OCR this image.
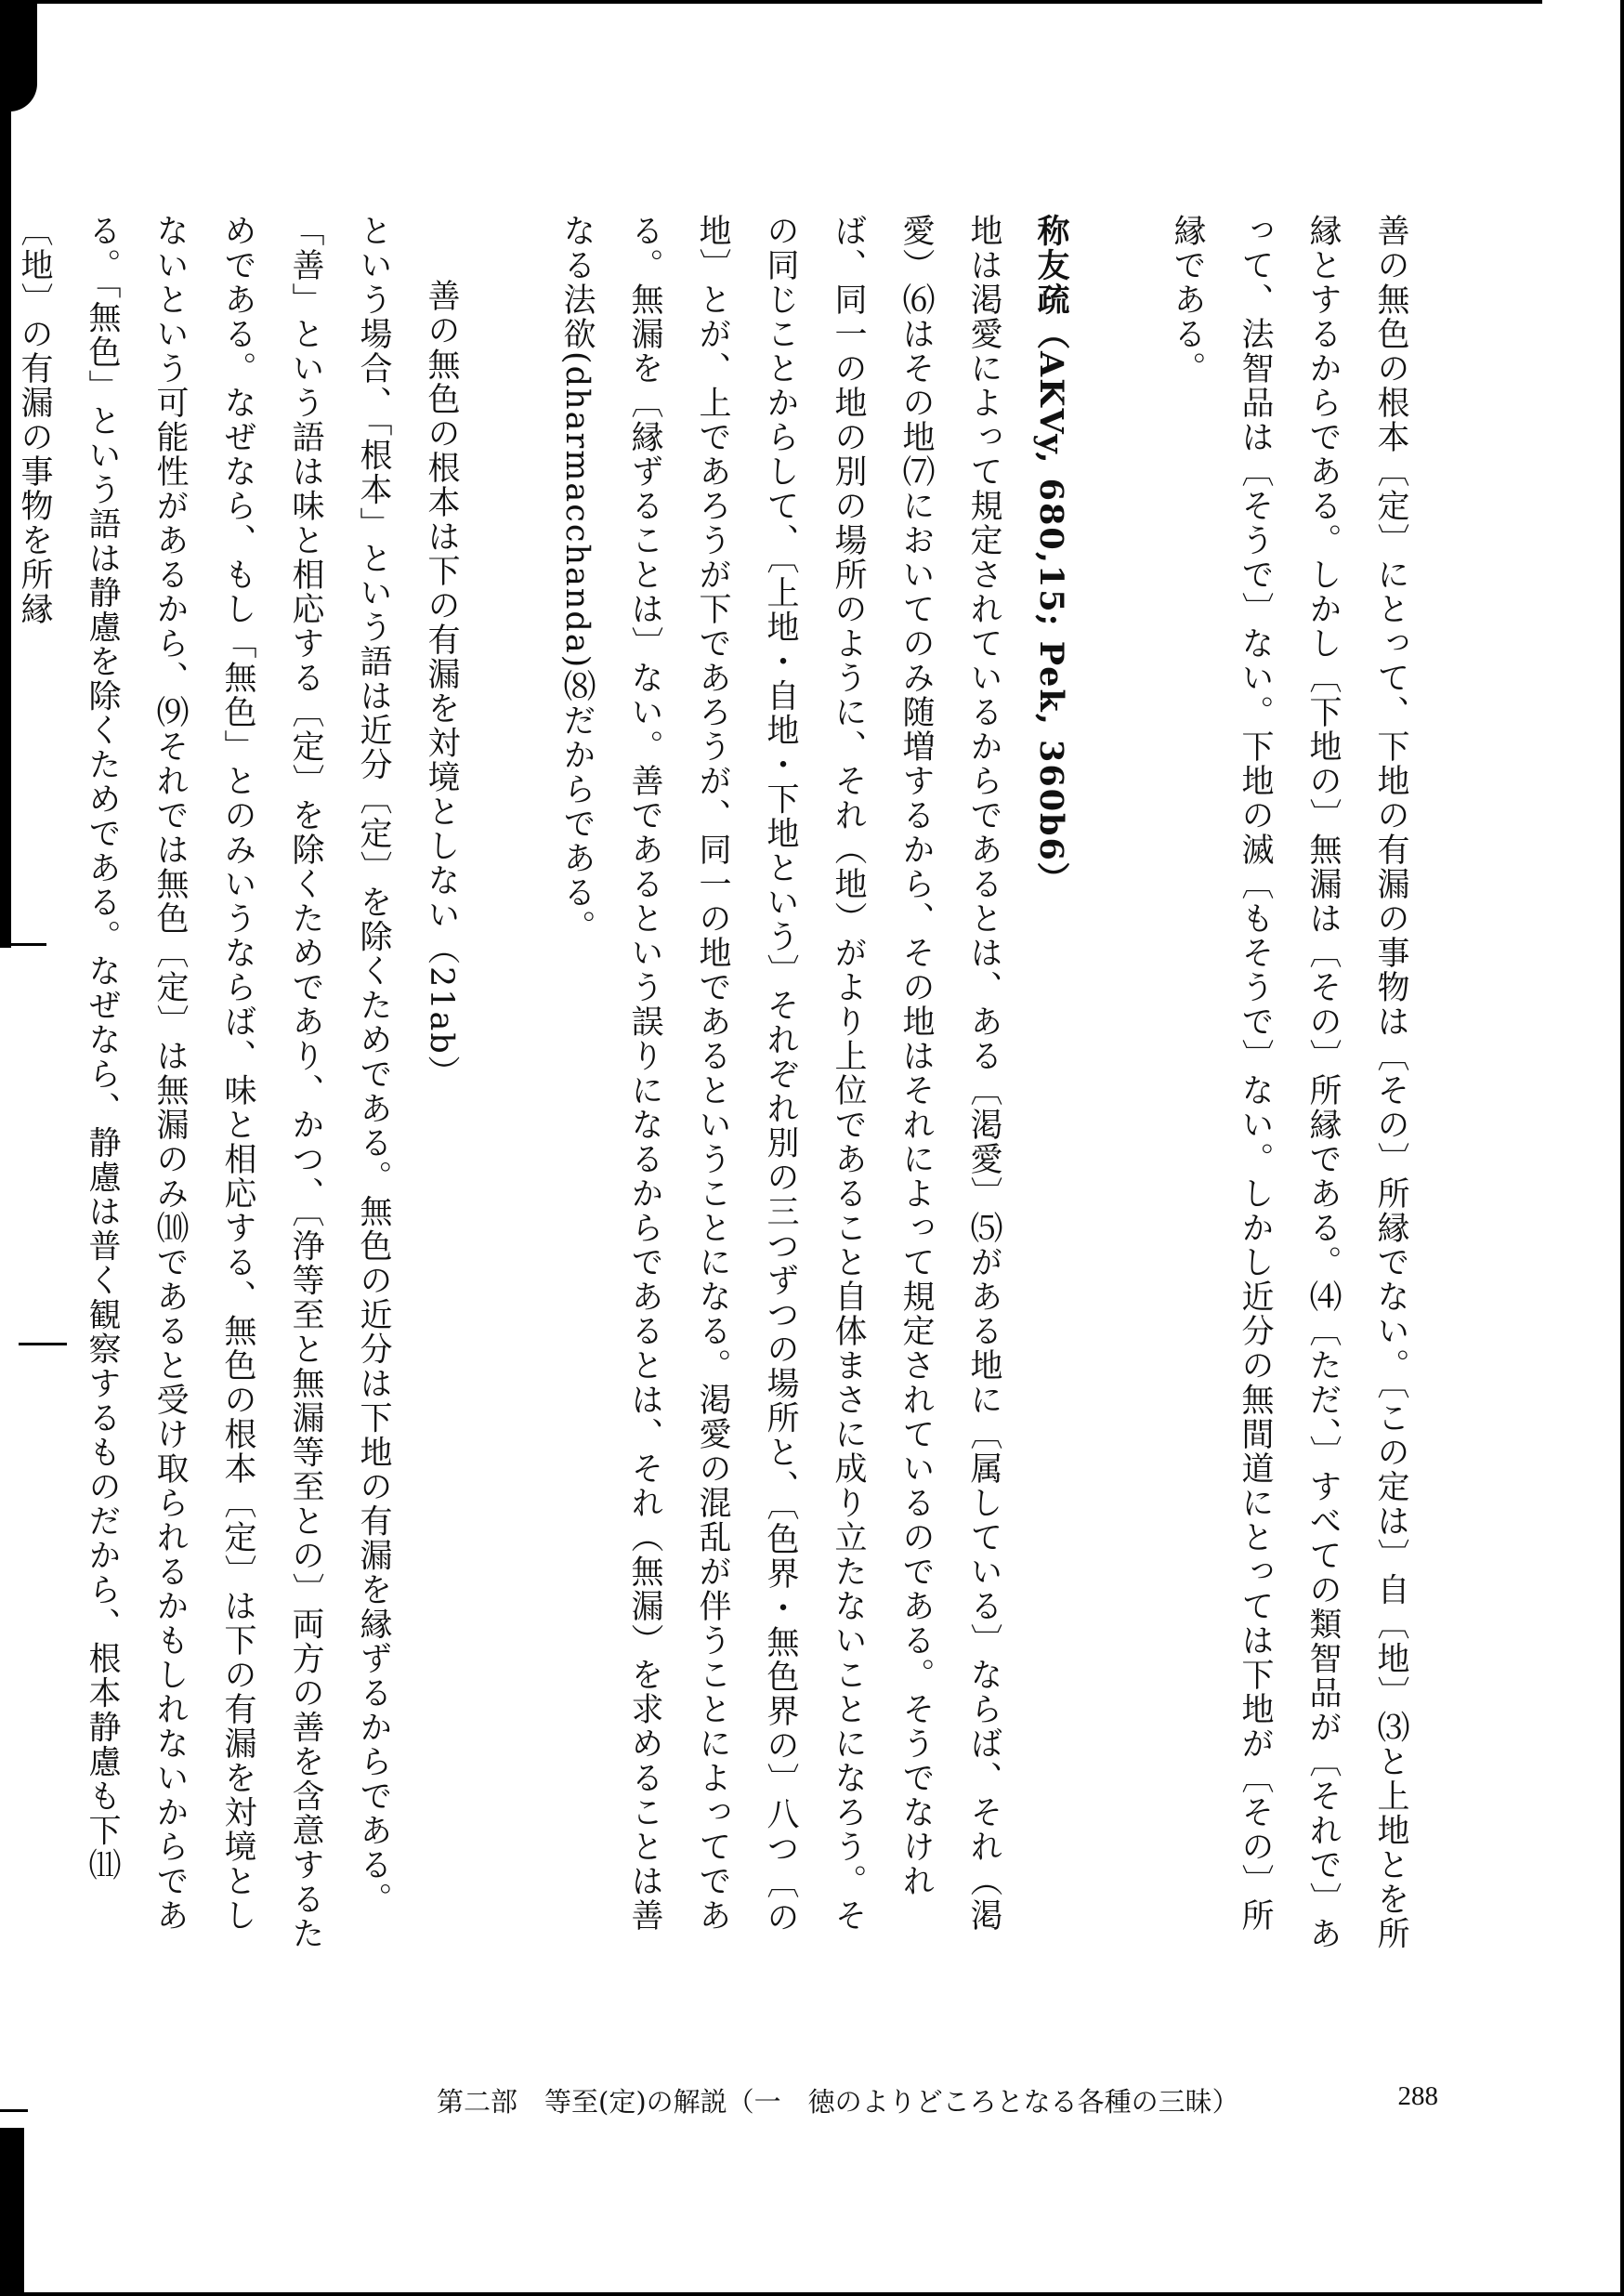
善の無色の根本〔定〕にとって、下地の有漏の事物は〔その〕所縁でない。〔この定は〕自〔地〕⑶と上地とを所縁とするからである。しかし〔下地の〕無漏は〔その〕所縁である。⑷〔ただ、〕すべての類智品が〔それで〕あって、法智品は〔そうで〕ない。下地の滅〔もそうで〕ない。しかし近分の無間道にとっては下地が〔その〕所縁である。

称友疏（AKVy, 680,15; Pek, 360b6）

地は渇愛によって規定されているからであるとは、ある〔渇愛〕⑸がある地に〔属している〕ならば、それ（渇愛）⑹はその地⑺においてのみ随増するから、その地はそれによって規定されているのである。そうでなければ、同一の地の別の場所のように、それ（地）がより上位であること自体まさに成り立たないことになろう。その同じことからして、〔上地・自地・下地という〕それぞれ別の三つずつの場所と、〔色界・無色界の〕八つ〔の地〕とが、上であろうが下であろうが、同一の地であるということになる。渇愛の混乱が伴うことによってである。無漏を〔縁ずることは〕ない。善であるという誤りになるからであるとは、それ（無漏）を求めることは善なる法欲(dharmacchanda)⑻だからである。

善の無色の根本は下の有漏を対境としない（21ab）

という場合、「根本」という語は近分〔定〕を除くためである。無色の近分は下地の有漏を縁ずるからである。「善」という語は味と相応する〔定〕を除くためであり、かつ、〔浄等至と無漏等至との〕両方の善を含意するためである。なぜなら、もし「無色」とのみいうならば、味と相応する、無色の根本〔定〕は下の有漏を対境としないという可能性があるから、⑼それでは無色〔定〕は無漏のみ⑽であると受け取られるかもしれないからである。「無色」という語は静慮を除くためである。なぜなら、静慮は普く観察するものだから、根本静慮も下⑾〔地〕の有漏の事物を所縁

第二部　等至(定)の解説（一　徳のよりどころとなる各種の三昧）	288
